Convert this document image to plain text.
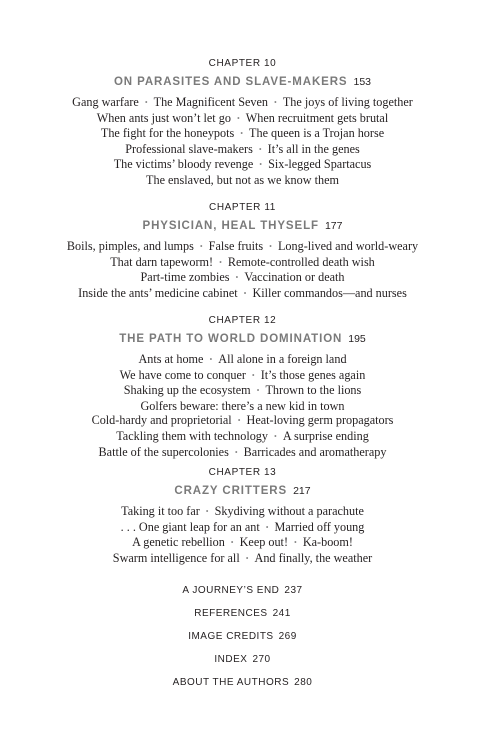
CHAPTER 10
ON PARASITES AND SLAVE-MAKERS 153
Gang warfare • The Magnificent Seven • The joys of living together
When ants just won’t let go • When recruitment gets brutal
The fight for the honeypots • The queen is a Trojan horse
Professional slave-makers • It’s all in the genes
The victims’ bloody revenge • Six-legged Spartacus
The enslaved, but not as we know them
CHAPTER 11
PHYSICIAN, HEAL THYSELF 177
Boils, pimples, and lumps • False fruits • Long-lived and world-weary
That darn tapeworm! • Remote-controlled death wish
Part-time zombies • Vaccination or death
Inside the ants’ medicine cabinet • Killer commandos—and nurses
CHAPTER 12
THE PATH TO WORLD DOMINATION 195
Ants at home • All alone in a foreign land
We have come to conquer • It’s those genes again
Shaking up the ecosystem • Thrown to the lions
Golfers beware: there’s a new kid in town
Cold-hardy and proprietorial • Heat-loving germ propagators
Tackling them with technology • A surprise ending
Battle of the supercolonies • Barricades and aromatherapy
CHAPTER 13
CRAZY CRITTERS 217
Taking it too far • Skydiving without a parachute
. . . One giant leap for an ant • Married off young
A genetic rebellion • Keep out! • Ka-boom!
Swarm intelligence for all • And finally, the weather
A JOURNEY’S END 237
REFERENCES 241
IMAGE CREDITS 269
INDEX 270
ABOUT THE AUTHORS 280
